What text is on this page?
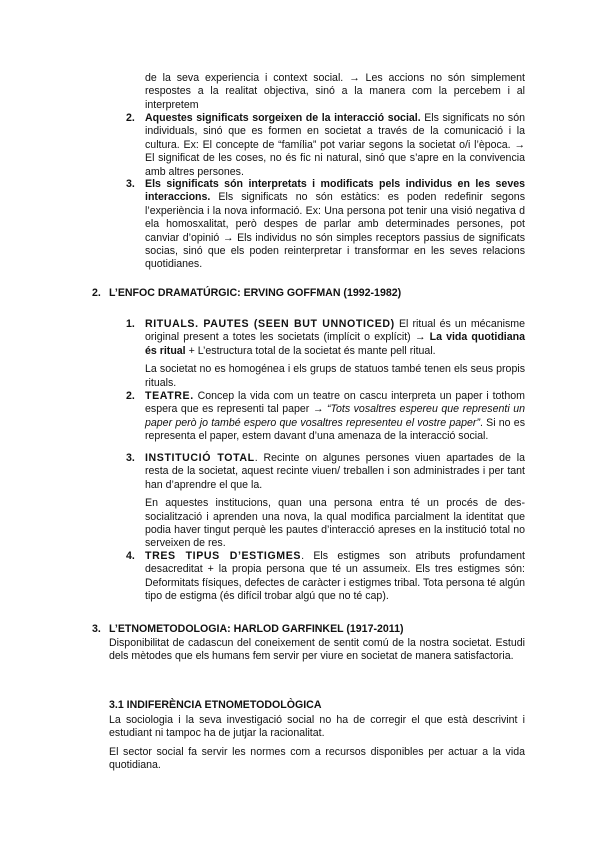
de la seva experiencia i context social. → Les accions no són simplement respostes a la realitat objectiva, sinó a la manera com la percebem i al interpretem

2. Aquestes significats sorgeixen de la interacció social. Els significats no són individuals, sinó que es formen en societat a través de la comunicació i la cultura. Ex: El concepte de “família” pot variar segons la societat o/i l’època. → El significat de les coses, no és fic ni natural, sinó que s’apre en la convivencia amb altres persones.

3. Els significats són interpretats i modificats pels individus en les seves interaccions. Els significats no són estàtics: es poden redefinir segons l’experiència i la nova informació. Ex: Una persona pot tenir una visió negativa d ela homosxalitat, però despes de parlar amb determinades persones, pot canviar d’opinió → Els individus no són simples receptors passius de significats socias, sinó que els poden reinterpretar i transformar en les seves relacions quotidianes.

2. L’ENFOC DRAMATÚRGIC: ERVING GOFFMAN (1992-1982)
1. RITUALS. PAUTES (SEEN BUT UNNOTICED) El ritual és un mécanisme original present a totes les societats (implícit o explícit) → La vida quotidiana és ritual + L’estructura total de la societat és mante pell ritual.

La societat no es homogénea i els grups de statuos també tenen els seus propis rituals.

2. TEATRE. Concep la vida com un teatre on cascu interpreta un paper i tothom espera que es representi tal paper → “Tots vosaltres espereu que representi un paper però jo també espero que vosaltres representeu el vostre paper”. Si no es representa el paper, estem davant d’una amenaza de la interacció social.

3. INSTITUCIÓ TOTAL. Recinte on algunes persones viuen apartades de la resta de la societat, aquest recinte viuen/ treballen i son administrades i per tant han d’aprendre el que la.

En aquestes institucions, quan una persona entra té un procés de des-socialització i aprenden una nova, la qual modifica parcialment la identitat que podia haver tingut perquè les pautes d’interacció apreses en la institució total no serveixen de res.

4. TRES TIPUS D’ESTIGMES. Els estigmes son atributs profundament desacreditat + la propia persona que té un assumeix. Els tres estigmes són: Deformitats físiques, defectes de caràcter i estigmes tribal. Tota persona té algún tipo de estigma (és difícil trobar algú que no té cap).

3. L’ETNOMETODOLOGIA: HARLOD GARFINKEL (1917-2011)

Disponibilitat de cadascun del coneixement de sentit comú de la nostra societat. Estudi dels mètodes que els humans fem servir per viure en societat de manera satisfactoria.

3.1 INDIFERÈNCIA ETNOMETODOLÒGICA

La sociologia i la seva investigació social no ha de corregir el que està descrivint i estudiant ni tampoc ha de jutjar la racionalitat.

El sector social fa servir les normes com a recursos disponibles per actuar a la vida quotidiana.
